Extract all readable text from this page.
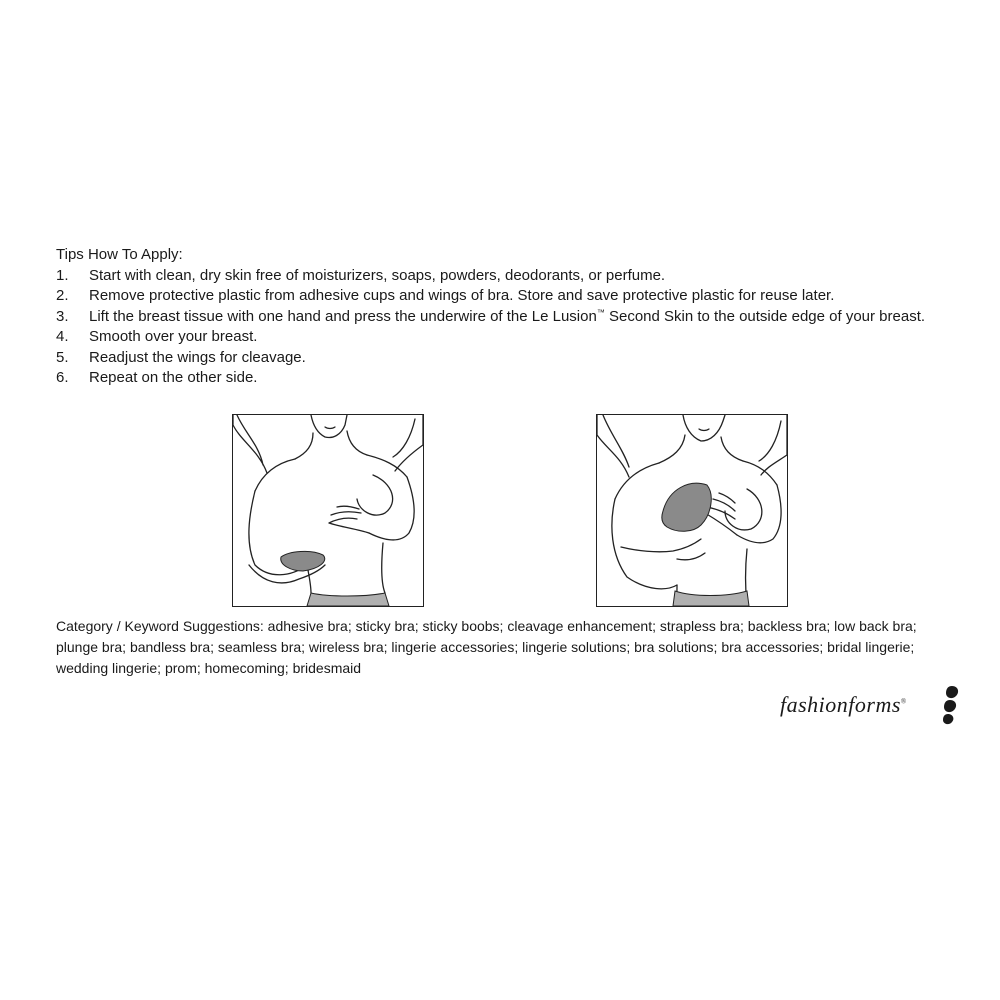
Tips How To Apply:
1.	Start with clean, dry skin free of moisturizers, soaps, powders, deodorants, or perfume.
2.	Remove protective plastic from adhesive cups and wings of bra. Store and save protective plastic for reuse later.
3.	Lift the breast tissue with one hand and press the underwire of the Le Lusion™ Second Skin to the outside edge of your breast.
4.	Smooth over your breast.
5.	Readjust the wings for cleavage.
6.	Repeat on the other side.

Category / Keyword Suggestions: adhesive bra; sticky bra; sticky boobs; cleavage enhancement; strapless bra; backless bra; low back bra; plunge bra; bandless bra; seamless bra; wireless bra; lingerie accessories; lingerie solutions; bra solutions; bra accessories; bridal lingerie; wedding lingerie; prom; homecoming; bridesmaid

fashionforms®
